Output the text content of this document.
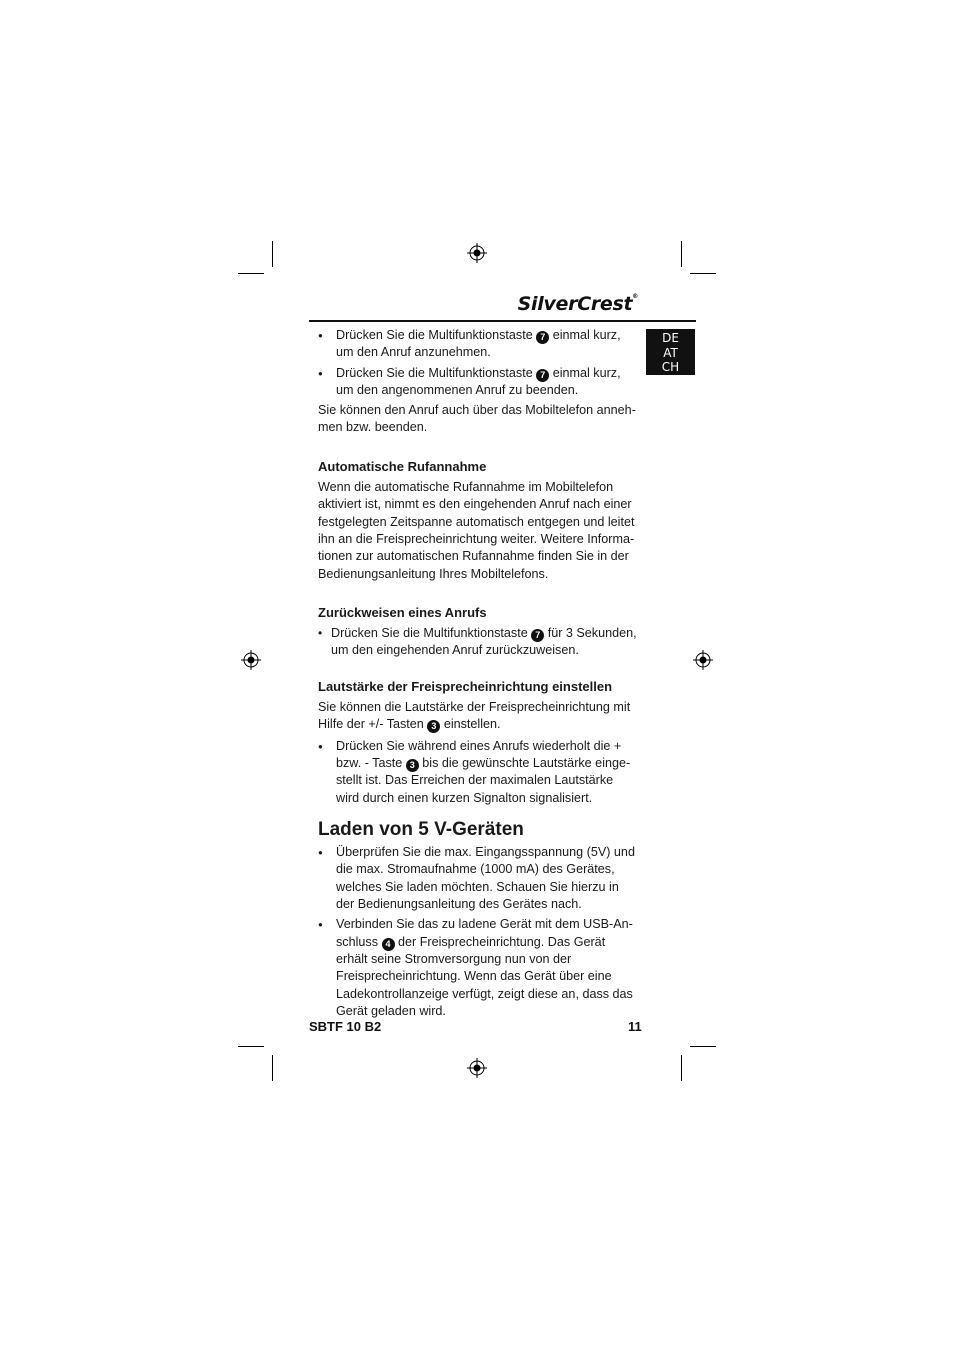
SilverCrest®
DE
AT
CH
● Drücken Sie die Multifunktionstaste 7 einmal kurz, um den Anruf anzunehmen.
● Drücken Sie die Multifunktionstaste 7 einmal kurz, um den angenommenen Anruf zu beenden.

Sie können den Anruf auch über das Mobiltelefon annehmen bzw. beenden.

Automatische Rufannahme

Wenn die automatische Rufannahme im Mobiltelefon aktiviert ist, nimmt es den eingehenden Anruf nach einer festgelegten Zeitspanne automatisch entgegen und leitet ihn an die Freisprecheinrichtung weiter. Weitere Informationen zur automatischen Rufannahme finden Sie in der Bedienungsanleitung Ihres Mobiltelefons.

Zurückweisen eines Anrufs
• Drücken Sie die Multifunktionstaste 7 für 3 Sekunden, um den eingehenden Anruf zurückzuweisen.
Lautstärke der Freisprecheinrichtung einstellen

Sie können die Lautstärke der Freisprecheinrichtung mit Hilfe der +/- Tasten 3 einstellen.

● Drücken Sie während eines Anrufs wiederholt die + bzw. - Taste 3 bis die gewünschte Lautstärke eingestellt ist. Das Erreichen der maximalen Lautstärke wird durch einen kurzen Signalton signalisiert.
Laden von 5 V-Geräten
● Überprüfen Sie die max. Eingangsspannung (5V) und die max. Stromaufnahme (1000 mA) des Gerätes, welches Sie laden möchten. Schauen Sie hierzu in der Bedienungsanleitung des Gerätes nach.
● Verbinden Sie das zu ladene Gerät mit dem USB-Anschluss 4 der Freisprecheinrichtung. Das Gerät erhält seine Stromversorgung nun von der Freisprecheinrichtung. Wenn das Gerät über eine Ladekontrollanzeige verfügt, zeigt diese an, dass das Gerät geladen wird.
SBTF 10 B2	11
